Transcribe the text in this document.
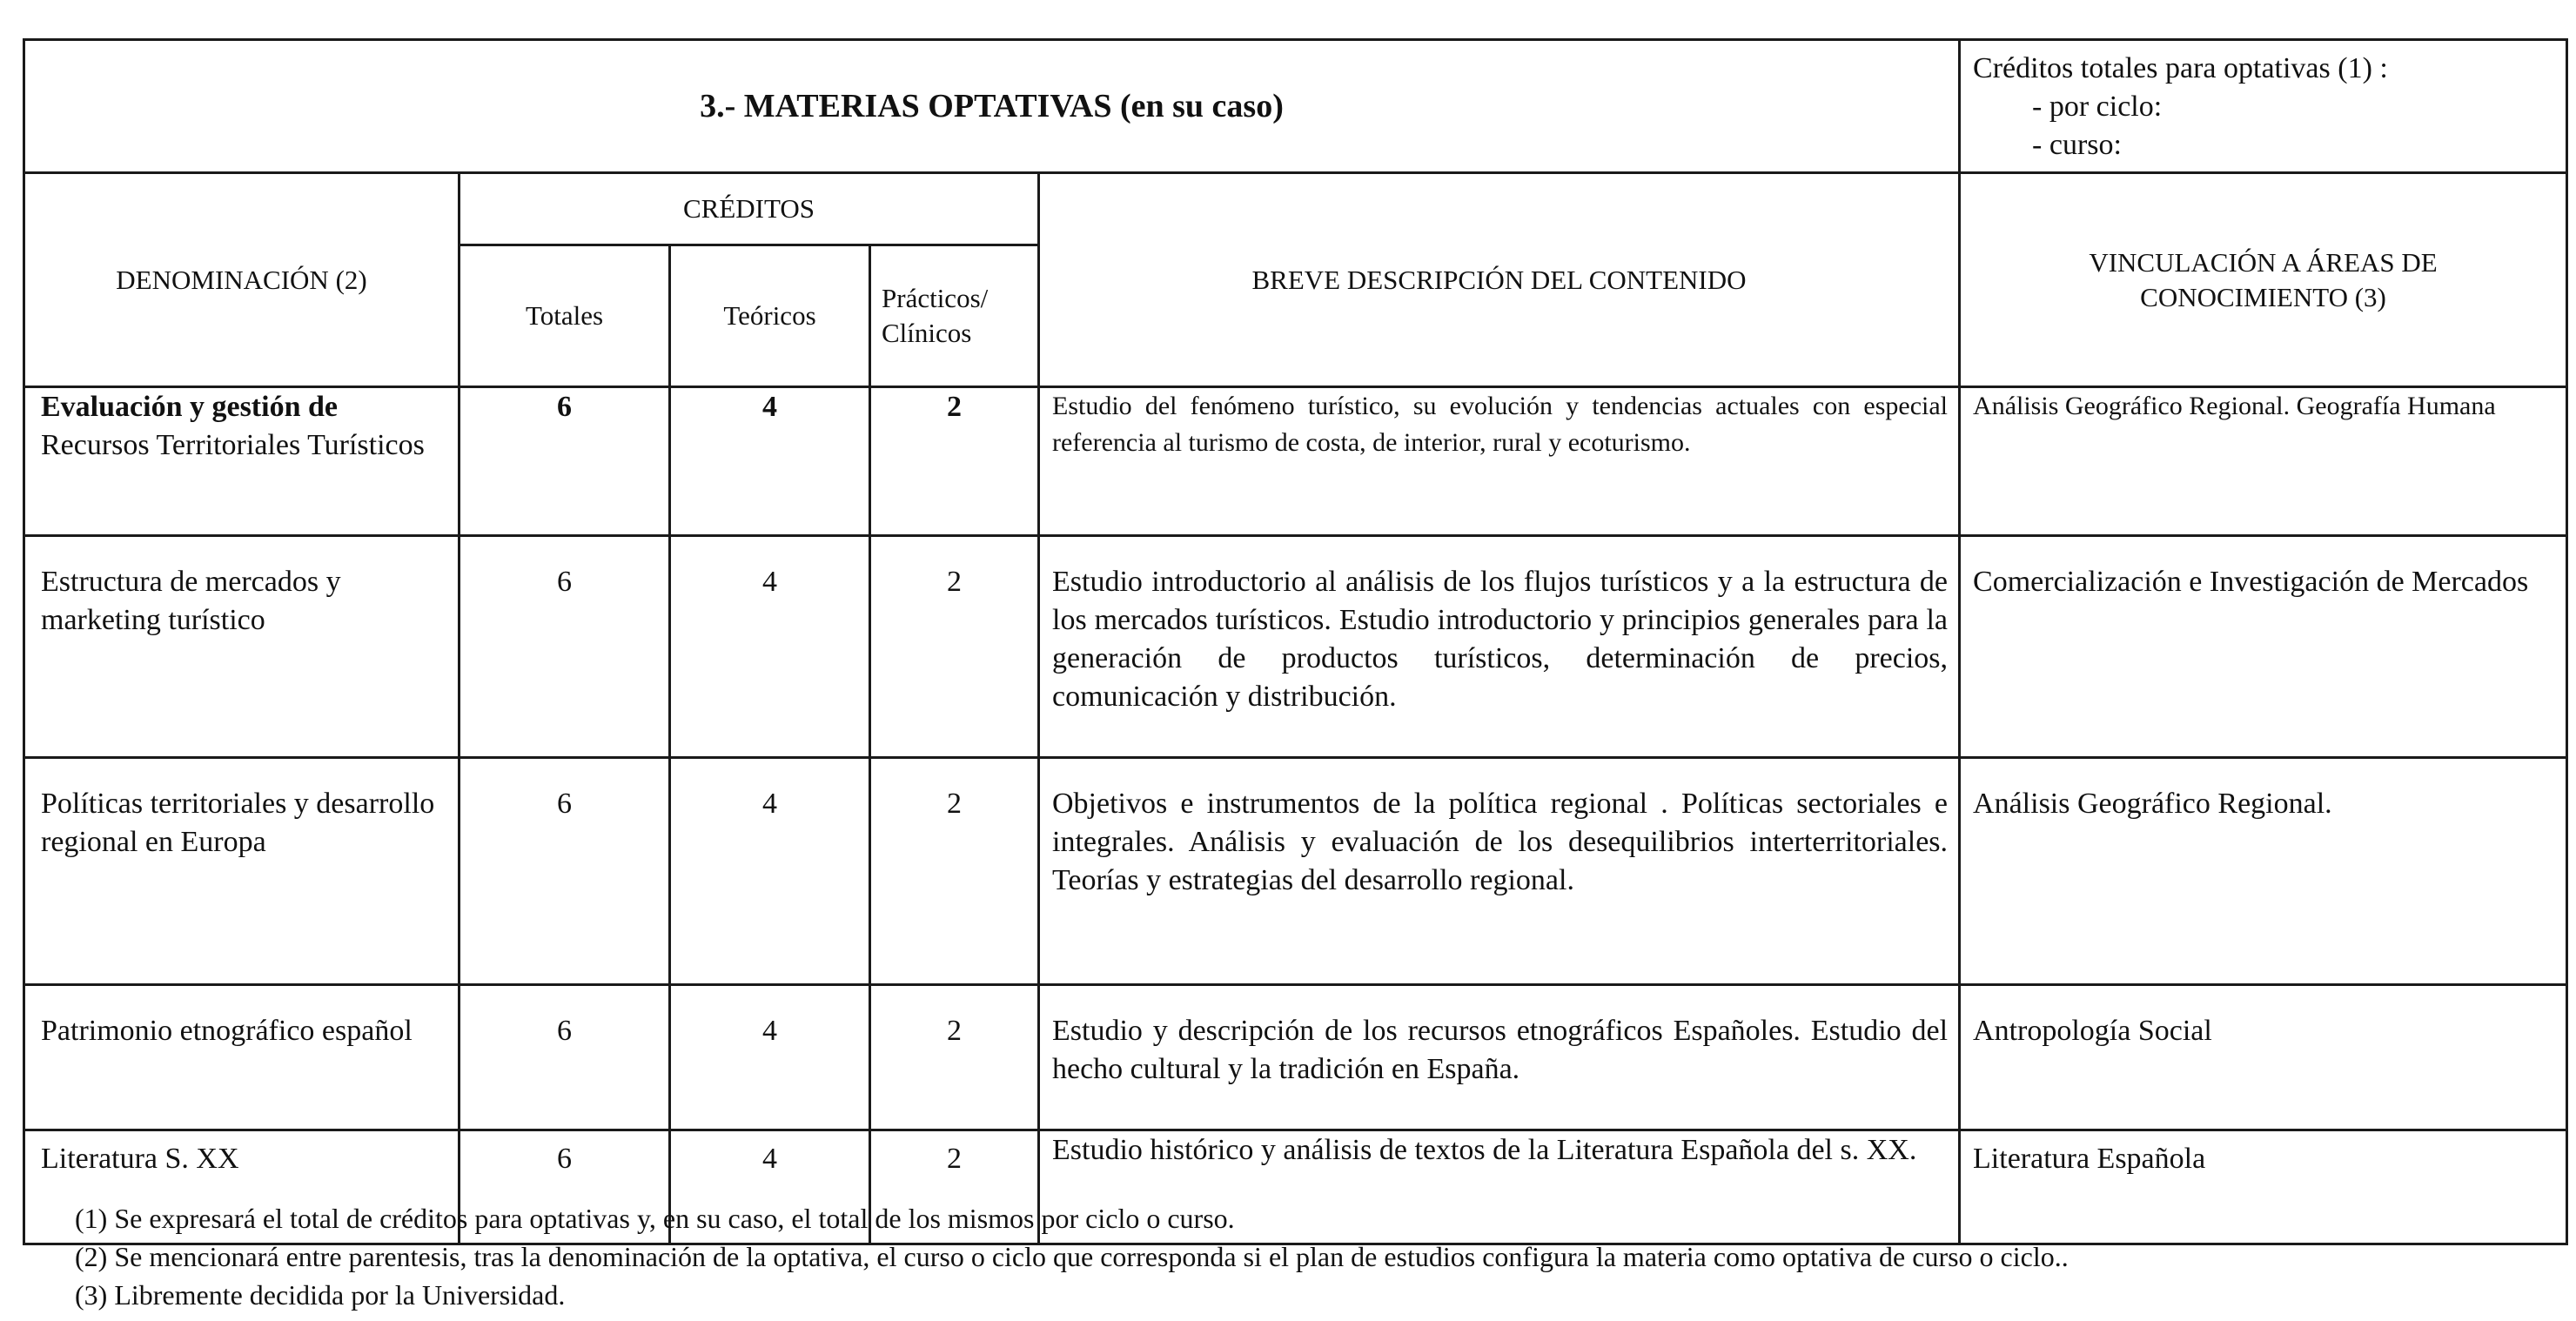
3.- MATERIAS OPTATIVAS (en su caso)					Créditos totales para optativas (1) :
- por ciclo:
- curso:

DENOMINACIÓN (2)	CRÉDITOS			BREVE DESCRIPCIÓN DEL CONTENIDO	VINCULACIÓN A ÁREAS DE CONOCIMIENTO (3)
	Totales	Teóricos	Prácticos/ Clínicos		
Evaluación y gestión de
Recursos Territoriales Turísticos	6	4	2	Estudio del fenómeno turístico, su evolución y tendencias actuales con especial referencia al turismo de costa, de interior, rural y ecoturismo.	Análisis Geográfico Regional. Geografía Humana
Estructura de mercados y marketing turístico	6	4	2	Estudio introductorio al análisis de los flujos turísticos y a la estructura de los mercados turísticos. Estudio introductorio y principios generales para la generación de productos turísticos, determinación de precios, comunicación y distribución.	Comercialización e Investigación de Mercados
Políticas territoriales y desarrollo regional en Europa	6	4	2	Objetivos e instrumentos de la política regional . Políticas sectoriales e integrales. Análisis y evaluación de los desequilibrios interterritoriales. Teorías y estrategias del desarrollo regional.	Análisis Geográfico Regional.
Patrimonio etnográfico español	6	4	2	Estudio y descripción de los recursos etnográficos Españoles. Estudio del hecho cultural y la tradición en España.	Antropología Social
Literatura S. XX	6	4	2	Estudio histórico y análisis de textos de la Literatura Española del s. XX.	Literatura Española
(1) Se expresará el total de créditos para optativas y, en su caso, el total de los mismos por ciclo o curso.
(2) Se mencionará entre parentesis, tras la denominación de la optativa, el curso o ciclo que corresponda si el plan de estudios configura la materia como optativa de curso o ciclo..
(3) Libremente decidida por la Universidad.
